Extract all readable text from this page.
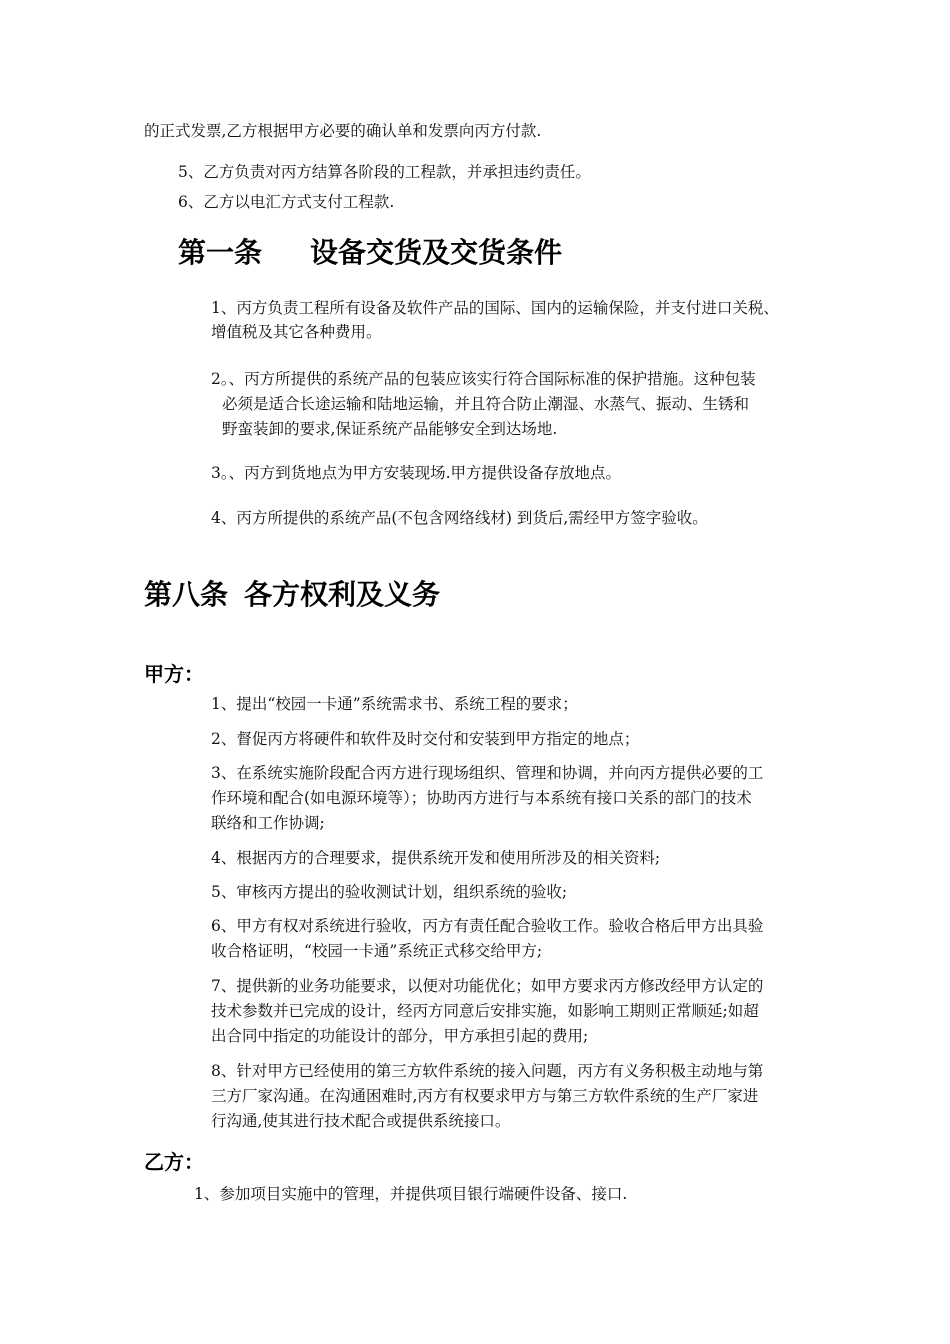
的正式发票,乙方根据甲方必要的确认单和发票向丙方付款.

5、乙方负责对丙方结算各阶段的工程款，并承担违约责任。

6、乙方以电汇方式支付工程款.

第一条 设备交货及交货条件

1、丙方负责工程所有设备及软件产品的国际、国内的运输保险，并支付进口关税、

增值税及其它各种费用。

2。、丙方所提供的系统产品的包装应该实行符合国际标准的保护措施。这种包装

必须是适合长途运输和陆地运输，并且符合防止潮湿、水蒸气、振动、生锈和

野蛮装卸的要求,保证系统产品能够安全到达场地.

3。、丙方到货地点为甲方安装现场.甲方提供设备存放地点。

4、丙方所提供的系统产品(不包含网络线材) 到货后,需经甲方签字验收。

第八条 各方权利及义务
甲方：

1、提出“校园一卡通”系统需求书、系统工程的要求；

2、督促丙方将硬件和软件及时交付和安装到甲方指定的地点；

3、在系统实施阶段配合丙方进行现场组织、管理和协调，并向丙方提供必要的工

作环境和配合(如电源环境等）；协助丙方进行与本系统有接口关系的部门的技术

联络和工作协调;

4、根据丙方的合理要求，提供系统开发和使用所涉及的相关资料;

5、审核丙方提出的验收测试计划，组织系统的验收;

6、甲方有权对系统进行验收，丙方有责任配合验收工作。验收合格后甲方出具验

收合格证明，“校园一卡通”系统正式移交给甲方;

7、提供新的业务功能要求，以便对功能优化；如甲方要求丙方修改经甲方认定的

技术参数并已完成的设计，经丙方同意后安排实施，如影响工期则正常顺延;如超

出合同中指定的功能设计的部分，甲方承担引起的费用;

8、针对甲方已经使用的第三方软件系统的接入问题，丙方有义务积极主动地与第

三方厂家沟通。在沟通困难时,丙方有权要求甲方与第三方软件系统的生产厂家进

行沟通,使其进行技术配合或提供系统接口。

乙方：

1、参加项目实施中的管理，并提供项目银行端硬件设备、接口.
